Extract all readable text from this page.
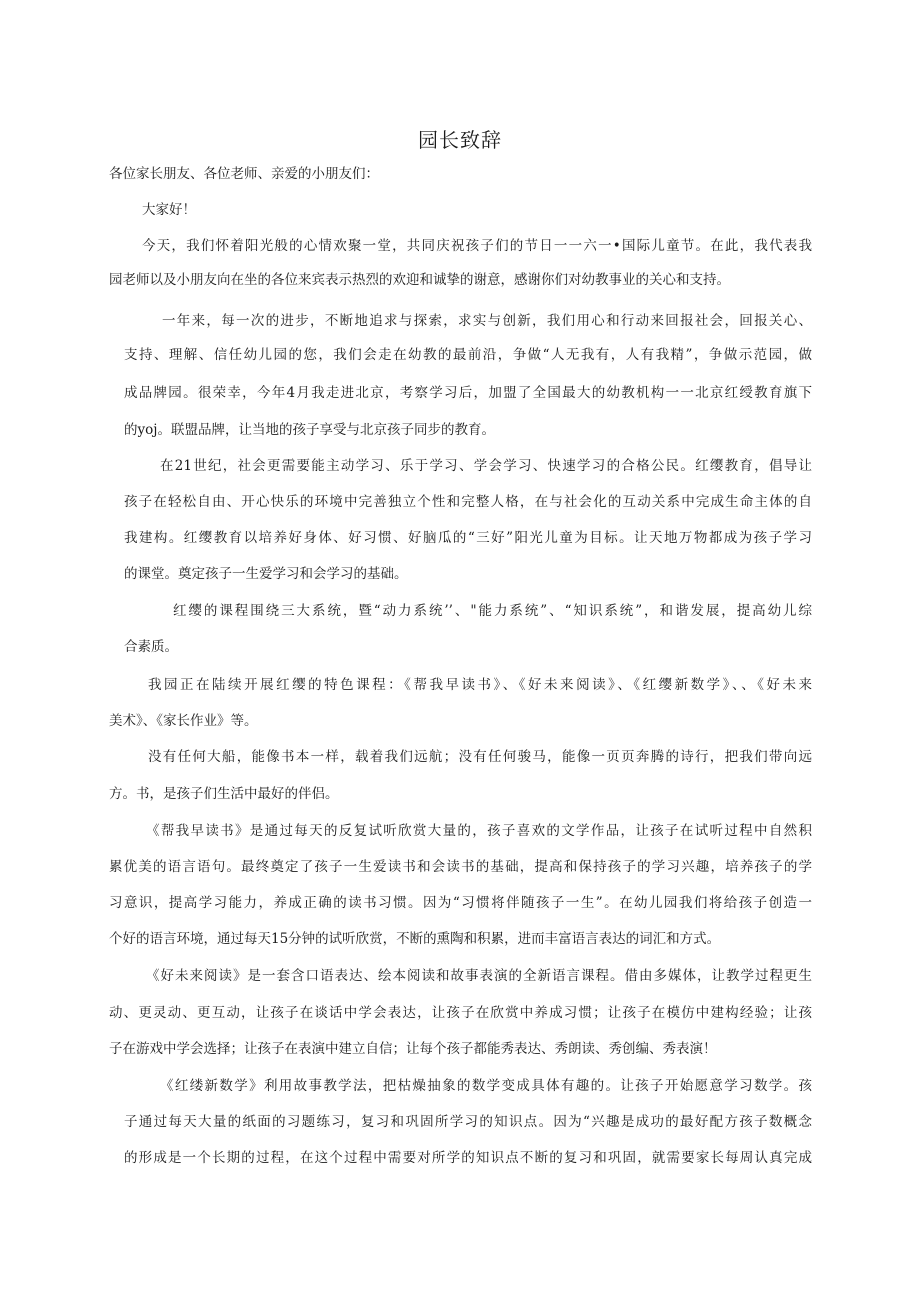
园长致辞

各位家长朋友、各位老师、亲爱的小朋友们：

大家好！

今天，我们怀着阳光般的心情欢聚一堂，共同庆祝孩子们的节日一一六一•国际儿童节。在此，我代表我

园老师以及小朋友向在坐的各位来宾表示热烈的欢迎和诚挚的谢意，感谢你们对幼教事业的关心和支持。

一年来，每一次的进步，不断地追求与探索，求实与创新，我们用心和行动来回报社会，回报关心、

支持、理解、信任幼儿园的您，我们会走在幼教的最前沿，争做“人无我有，人有我精”，争做示范园，做

成品牌园。很荣幸，今年4月我走进北京，考察学习后，加盟了全国最大的幼教机构一一北京红绶教育旗下

的yoj。联盟品牌，让当地的孩子享受与北京孩子同步的教育。

在21世纪，社会更需要能主动学习、乐于学习、学会学习、快速学习的合格公民。红缨教育，倡导让

孩子在轻松自由、开心快乐的环境中完善独立个性和完整人格，在与社会化的互动关系中完成生命主体的自

我建构。红缨教育以培养好身体、好习惯、好脑瓜的“三好”阳光儿童为目标。让天地万物都成为孩子学习

的课堂。奠定孩子一生爱学习和会学习的基础。

红缨的课程围绕三大系统，暨“动力系统’’、"能力系统”、“知识系统”，和谐发展，提高幼儿综

合素质。

我园正在陆续开展红缨的特色课程：《帮我早读书》、《好未来阅读》、《红缨新数学》、、《好未来

美术》、《家长作业》等。

没有任何大船，能像书本一样，载着我们远航；没有任何骏马，能像一页页奔腾的诗行，把我们带向远

方。书，是孩子们生活中最好的伴侣。

《帮我早读书》是通过每天的反复试听欣赏大量的，孩子喜欢的文学作品，让孩子在试听过程中自然积

累优美的语言语句。最终奠定了孩子一生爱读书和会读书的基础，提高和保持孩子的学习兴趣，培养孩子的学

习意识，提高学习能力，养成正确的读书习惯。因为“习惯将伴随孩子一生”。在幼儿园我们将给孩子创造一

个好的语言环境，通过每天15分钟的试听欣赏，不断的熏陶和积累，进而丰富语言表达的词汇和方式。

《好未来阅读》是一套含口语表达、绘本阅读和故事表演的全新语言课程。借由多媒体，让教学过程更生

动、更灵动、更互动，让孩子在谈话中学会表达，让孩子在欣赏中养成习惯；让孩子在模仿中建构经验；让孩

子在游戏中学会选择；让孩子在表演中建立自信；让每个孩子都能秀表达、秀朗读、秀创编、秀表演！

《红缕新数学》利用故事教学法，把枯燥抽象的数学变成具体有趣的。让孩子开始愿意学习数学。孩

子通过每天大量的纸面的习题练习，复习和巩固所学习的知识点。因为“兴趣是成功的最好配方孩子数概念

的形成是一个长期的过程，在这个过程中需要对所学的知识点不断的复习和巩固，就需要家长每周认真完成
